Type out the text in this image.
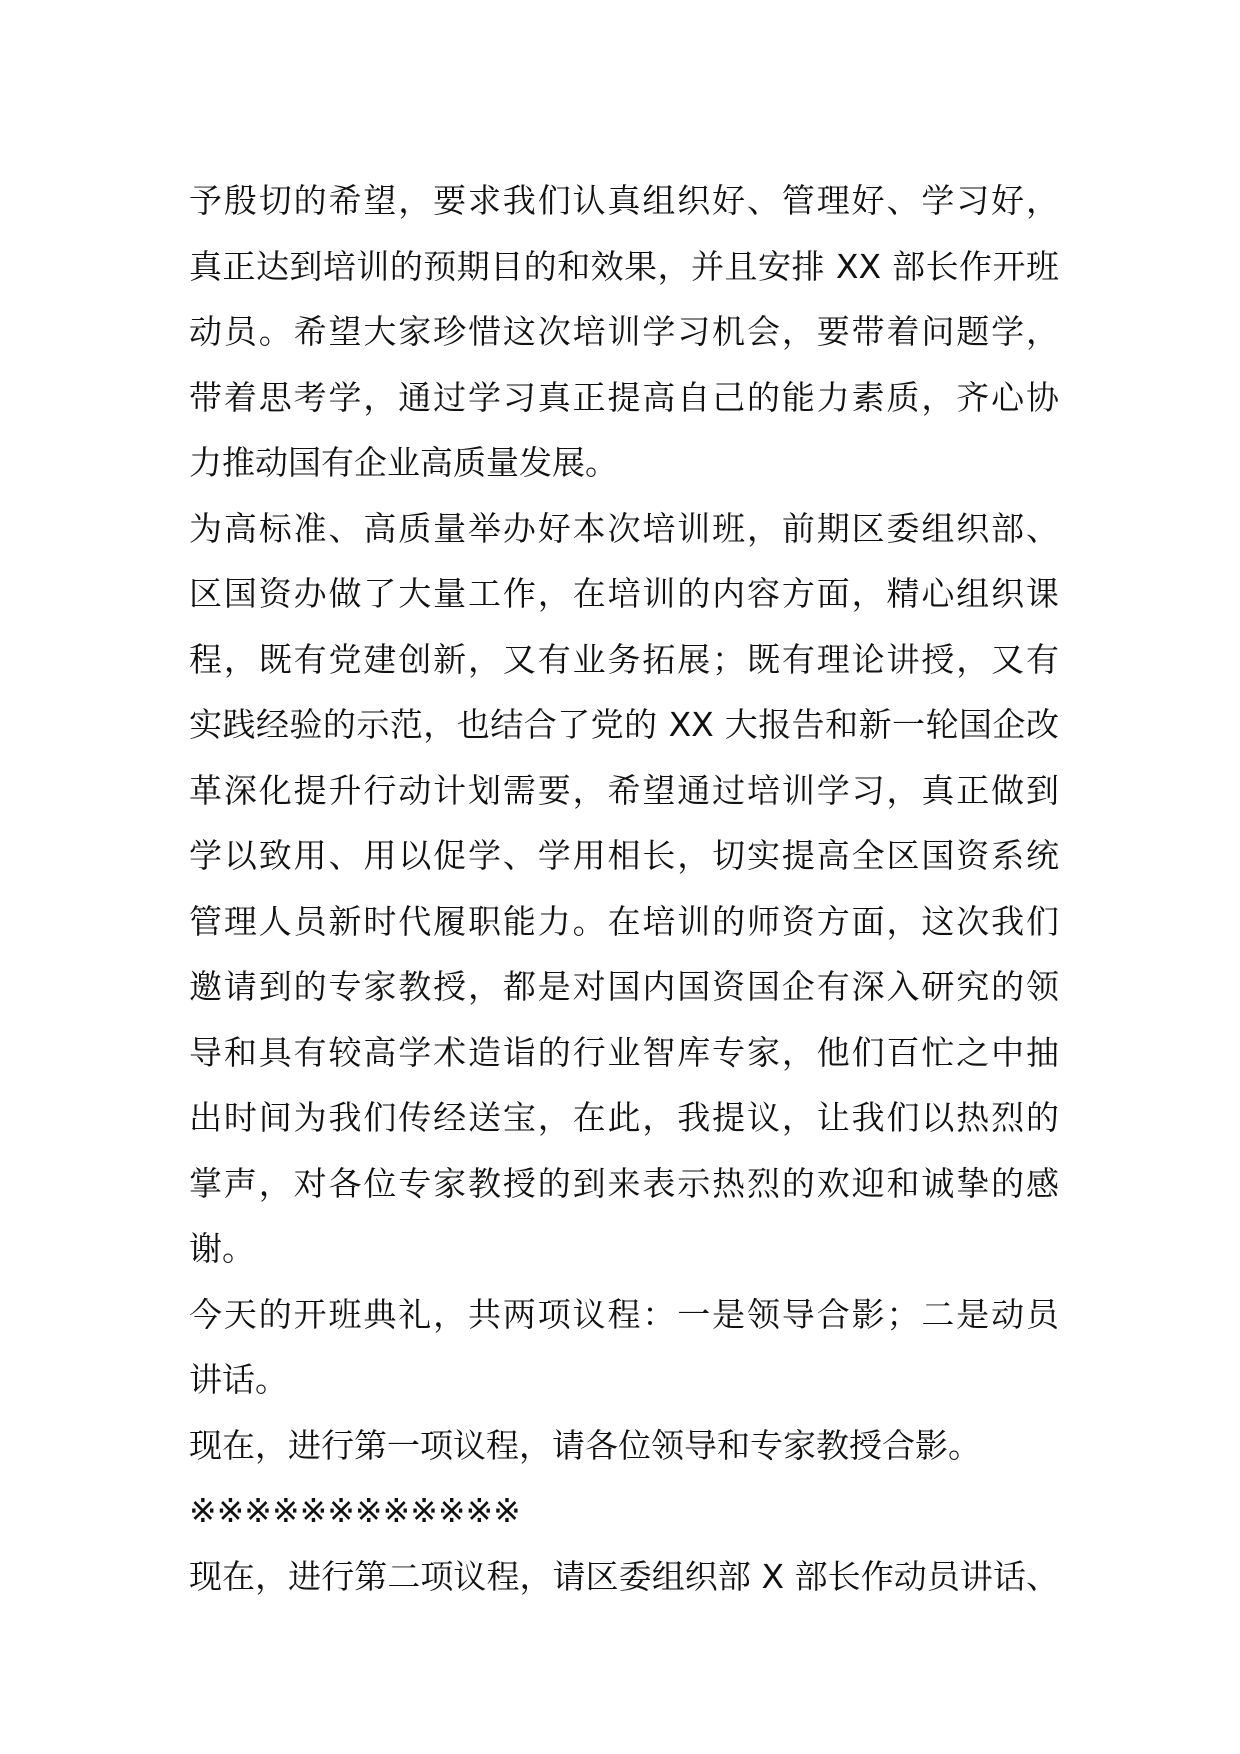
予殷切的希望，要求我们认真组织好、管理好、学习好，
真正达到培训的预期目的和效果，并且安排 XX 部长作开班
动员。希望大家珍惜这次培训学习机会，要带着问题学，
带着思考学，通过学习真正提高自己的能力素质，齐心协
力推动国有企业高质量发展。
为高标准、高质量举办好本次培训班，前期区委组织部、
区国资办做了大量工作，在培训的内容方面，精心组织课
程，既有党建创新，又有业务拓展；既有理论讲授，又有
实践经验的示范，也结合了党的 XX 大报告和新一轮国企改
革深化提升行动计划需要，希望通过培训学习，真正做到
学以致用、用以促学、学用相长，切实提高全区国资系统
管理人员新时代履职能力。在培训的师资方面，这次我们
邀请到的专家教授，都是对国内国资国企有深入研究的领
导和具有较高学术造诣的行业智库专家，他们百忙之中抽
出时间为我们传经送宝，在此，我提议，让我们以热烈的
掌声，对各位专家教授的到来表示热烈的欢迎和诚挚的感
谢。
今天的开班典礼，共两项议程：一是领导合影；二是动员
讲话。
现在，进行第一项议程，请各位领导和专家教授合影。
※※※※※※※※※※※※
现在，进行第二项议程，请区委组织部 X 部长作动员讲话、
